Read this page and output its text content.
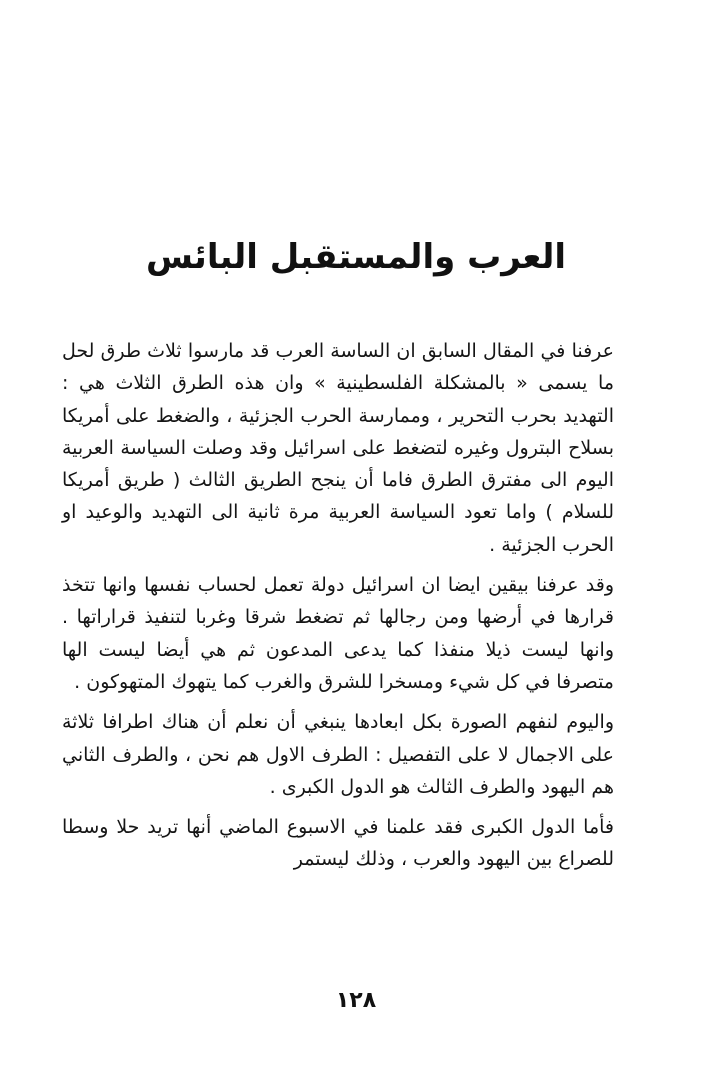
العرب والمستقبل البائس

عرفنا في المقال السابق ان الساسة العرب قد مارسوا ثلاث طرق لحل ما يسمى « بالمشكلة الفلسطينية » وان هذه الطرق الثلاث هي : التهديد بحرب التحرير ، وممارسة الحرب الجزئية ، والضغط على أمريكا بسلاح البترول وغيره لتضغط على اسرائيل وقد وصلت السياسة العربية اليوم الى مفترق الطرق فاما أن ينجح الطريق الثالث ( طريق أمريكا للسلام ) واما تعود السياسة العربية مرة ثانية الى التهديد والوعيد او الحرب الجزئية .

وقد عرفنا بيقين ايضا ان اسرائيل دولة تعمل لحساب نفسها وانها تتخذ قرارها في أرضها ومن رجالها ثم تضغط شرقا وغربا لتنفيذ قراراتها . وانها ليست ذيلا منفذا كما يدعى المدعون ثم هي أيضا ليست الها متصرفا في كل شيء ومسخرا للشرق والغرب كما يتهوك المتهوكون .

واليوم لنفهم الصورة بكل ابعادها ينبغي أن نعلم أن هناك اطرافا ثلاثة على الاجمال لا على التفصيل : الطرف الاول هم نحن ، والطرف الثاني هم اليهود والطرف الثالث هو الدول الكبرى .

فأما الدول الكبرى فقد علمنا في الاسبوع الماضي أنها تريد حلا وسطا للصراع بين اليهود والعرب ، وذلك ليستمر

١٢٨
